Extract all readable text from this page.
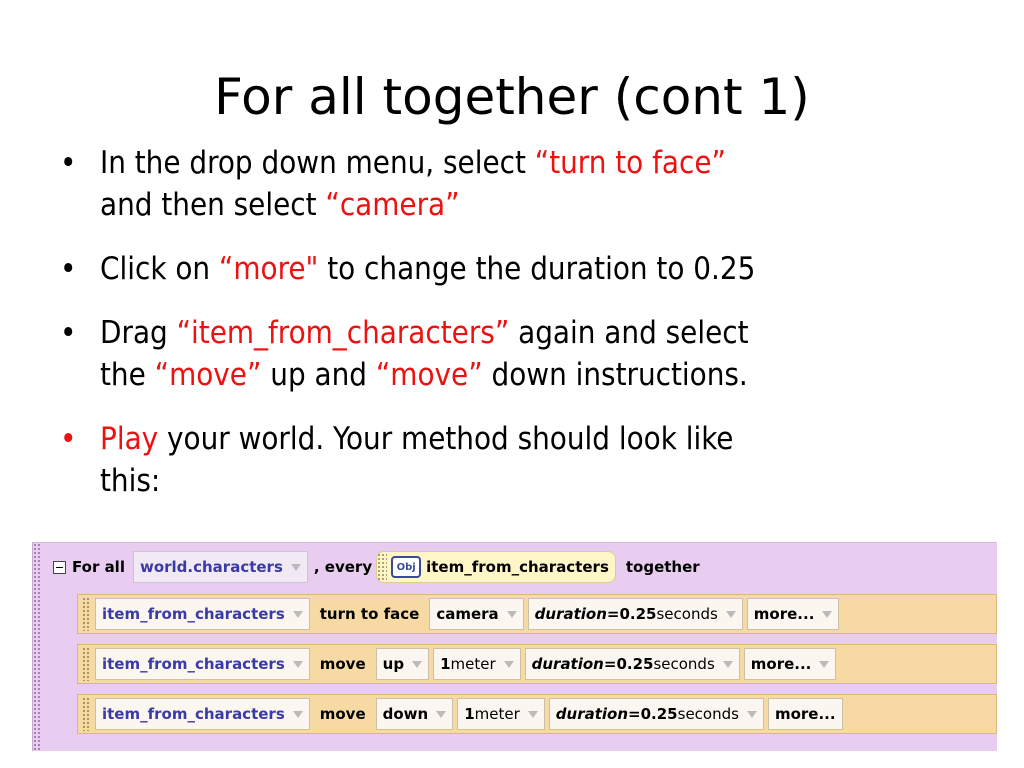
For all together (cont 1)
• In the drop down menu, select “turn to face”
and then select “camera”
• Click on “more" to change the duration to 0.25
• Drag “item_from_characters” again and select
the “move” up and “move” down instructions.
• Play your world. Your method should look like
this:
For all world.characters , every	Obj item_from_characters together
item_from_characters	turn to face	camera duration = 0.25 seconds more...
item_from_characters	move	up 1 meter duration = 0.25 seconds more...
item_from_characters	move	down 1 meter duration = 0.25 seconds more...
